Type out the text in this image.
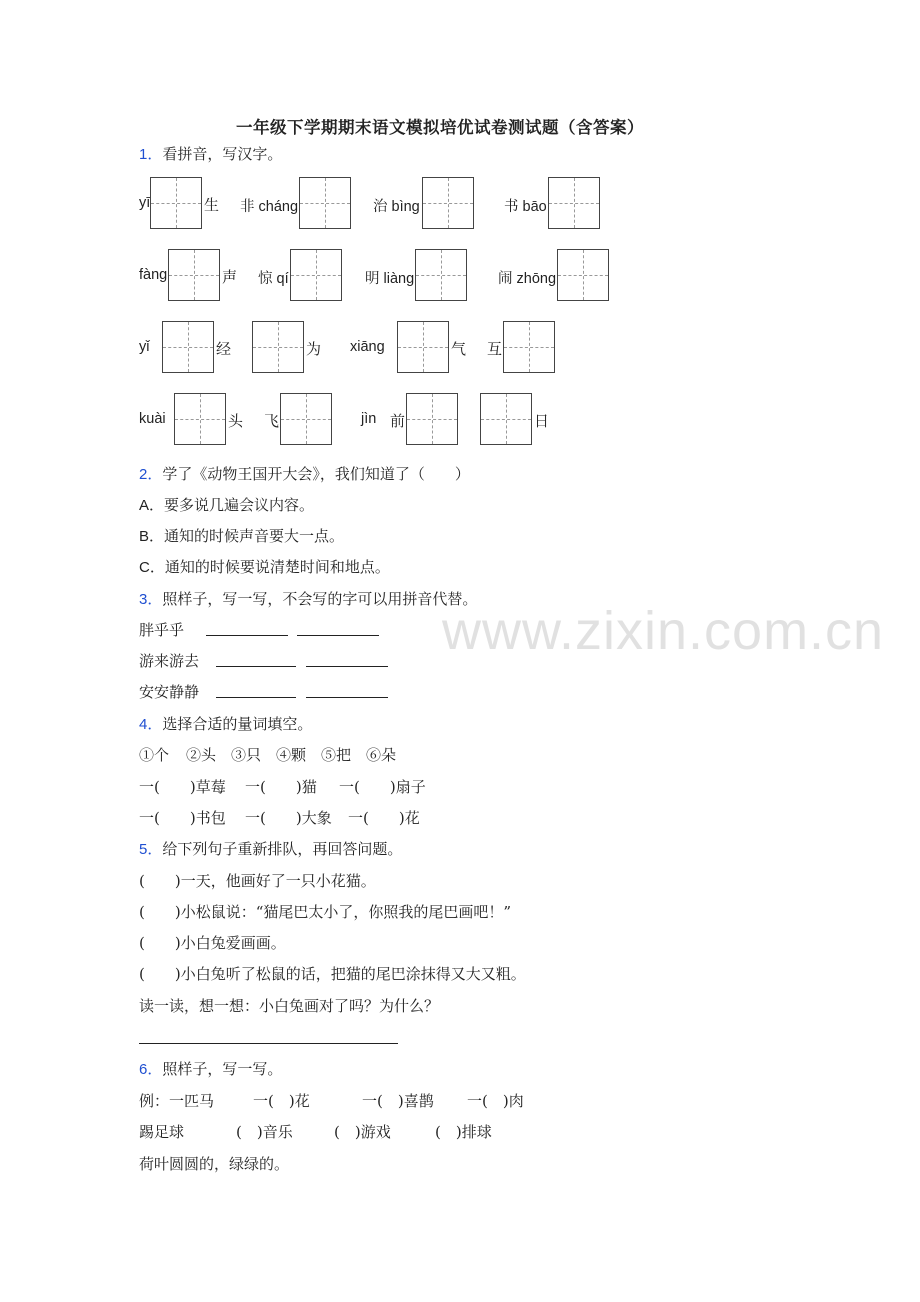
www.zixin.com.cn
一年级下学期期末语文模拟培优试卷测试题（含答案）
1．看拼音，写汉字。
yī	生 非 cháng	治 bìng	书 bāo
fàng	声 惊 qí	明 liàng	闹 zhōng
yǐ	经	为 xiāng	气 互
kuài	头 飞	jìn 前	日
2．学了《动物王国开大会》，我们知道了（　　）
A．要多说几遍会议内容。
B．通知的时候声音要大一点。
C．通知的时候要说清楚时间和地点。
3．照样子，写一写，不会写的字可以用拼音代替。
胖乎乎
游来游去
安安静静
4．选择合适的量词填空。
①个 ②头 ③只 ④颗 ⑤把 ⑥朵
一(　　)草莓 一(　　)猫 一(　　)扇子
一(　　)书包 一(　　)大象 一(　　)花
5．给下列句子重新排队，再回答问题。
(　　)一天，他画好了一只小花猫。
(　　)小松鼠说：“猫尾巴太小了，你照我的尾巴画吧！”
(　　)小白兔爱画画。
(　　)小白兔听了松鼠的话，把猫的尾巴涂抹得又大又粗。
读一读，想一想：小白兔画对了吗？为什么？
6．照样子，写一写。
例：一匹马	一(　)花	一(　)喜鹊 一(　)肉
踢足球	(　)音乐	(　)游戏	(　)排球
荷叶圆圆的，绿绿的。
